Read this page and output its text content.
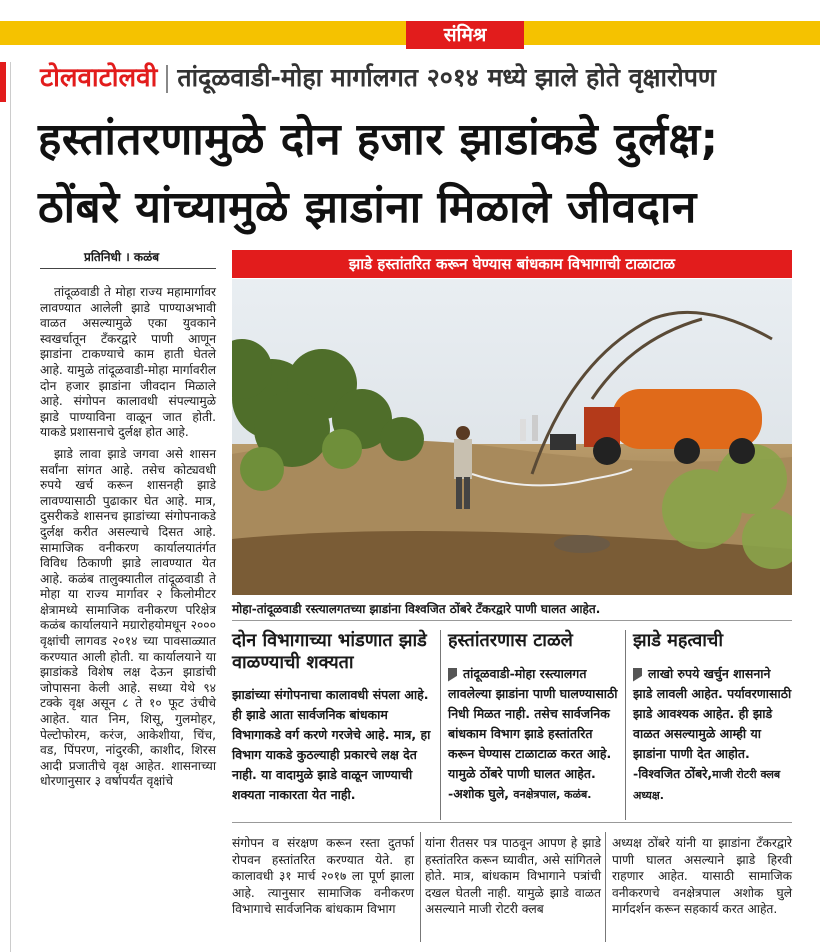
संमिश्र
टोलवाटोलवी तांदूळवाडी-मोहा मार्गालगत २०१४ मध्ये झाले होते वृक्षारोपण
हस्तांतरणामुळे दोन हजार झाडांकडे दुर्लक्ष;
ठोंबरे यांच्यामुळे झाडांना मिळाले जीवदान
प्रतिनिधी । कळंब

तांदूळवाडी ते मोहा राज्य महामार्गावर लावण्यात आलेली झाडे पाण्याअभावी वाळत असल्यामुळे एका युवकाने स्वखर्चातून टँकरद्वारे पाणी आणून झाडांना टाकण्याचे काम हाती घेतले आहे. यामुळे तांदूळवाडी-मोहा मार्गावरील दोन हजार झाडांना जीवदान मिळाले आहे. संगोपन कालावधी संपल्यामुळे झाडे पाण्याविना वाळून जात होती. याकडे प्रशासनाचे दुर्लक्ष होत आहे.

झाडे लावा झाडे जगवा असे शासन सर्वांना सांगत आहे. तसेच कोट्यवधी रुपये खर्च करून शासनही झाडे लावण्यासाठी पुढाकार घेत आहे. मात्र, दुसरीकडे शासनच झाडांच्या संगोपनाकडे दुर्लक्ष करीत असल्याचे दिसत आहे. सामाजिक वनीकरण कार्यालयातंर्गत विविध ठिकाणी झाडे लावण्यात येत आहे. कळंब तालुक्यातील तांदूळवाडी ते मोहा या राज्य मार्गावर २ किलोमीटर क्षेत्रामध्ये सामाजिक वनीकरण परिक्षेत्र कळंब कार्यालयाने मग्रारोहयोमधून २००० वृक्षांची लागवड २०१४ च्या पावसाळ्यात करण्यात आली होती. या कार्यालयाने या झाडांकडे विशेष लक्ष देऊन झाडांची जोपासना केली आहे. सध्या येथे ९४ टक्के वृक्ष असून ८ ते १० फूट उंचीचे आहेत. यात निम, शिसू, गुलमोहर, पेल्टोफोरम, करंज, आकेशीया, चिंच, वड, पिंपरण, नांदुरकी, काशीद, शिरस आदी प्रजातीचे वृक्ष आहेत. शासनाच्या धोरणानुसार ३ वर्षापर्यंत वृक्षांचे

झाडे हस्तांतरित करून घेण्यास बांधकाम विभागाची टाळाटाळ
मोहा-तांदूळवाडी रस्त्यालगतच्या झाडांना विश्वजित ठोंबरे टँकरद्वारे पाणी घालत आहेत.
दोन विभागाच्या भांडणात झाडे वाळण्याची शक्यता
झाडांच्या संगोपनाचा कालावधी संपला आहे. ही झाडे आता सार्वजनिक बांधकाम विभागाकडे वर्ग करणे गरजेचे आहे. मात्र, हा विभाग याकडे कुठल्याही प्रकारचे लक्ष देत नाही. या वादामुळे झाडे वाळून जाण्याची शक्यता नाकारता येत नाही.
हस्तांतरणास टाळले
तांदूळवाडी-मोहा रस्त्यालगत लावलेल्या झाडांना पाणी घालण्यासाठी निधी मिळत नाही. तसेच सार्वजनिक बांधकाम विभाग झाडे हस्तांतरित करून घेण्यास टाळाटाळ करत आहे. यामुळे ठोंबरे पाणी घालत आहेत.
-अशोक घुले, वनक्षेत्रपाल, कळंब.
झाडे महत्वाची
लाखो रुपये खर्चुन शासनाने झाडे लावली आहेत. पर्यावरणासाठी झाडे आवश्यक आहेत. ही झाडे वाळत असल्यामुळे आम्ही या झाडांना पाणी देत आहोत.
-विश्वजित ठोंबरे,माजी रोटरी क्लब अध्यक्ष.
संगोपन व संरक्षण करून रस्ता दुतर्फा रोपवन हस्तांतरित करण्यात येते. हा कालावधी ३१ मार्च २०१७ ला पूर्ण झाला आहे. त्यानुसार सामाजिक वनीकरण विभागाचे सार्वजनिक बांधकाम विभाग
यांना रीतसर पत्र पाठवून आपण हे झाडे हस्तांतरित करून घ्यावीत, असे सांगितले होते. मात्र, बांधकाम विभागाने पत्रांची दखल घेतली नाही. यामुळे झाडे वाळत असल्याने माजी रोटरी क्लब
अध्यक्ष ठोंबरे यांनी या झाडांना टँकरद्वारे पाणी घालत असल्याने झाडे हिरवी राहणार आहेत. यासाठी सामाजिक वनीकरणचे वनक्षेत्रपाल अशोक घुले मार्गदर्शन करून सहकार्य करत आहेत.
